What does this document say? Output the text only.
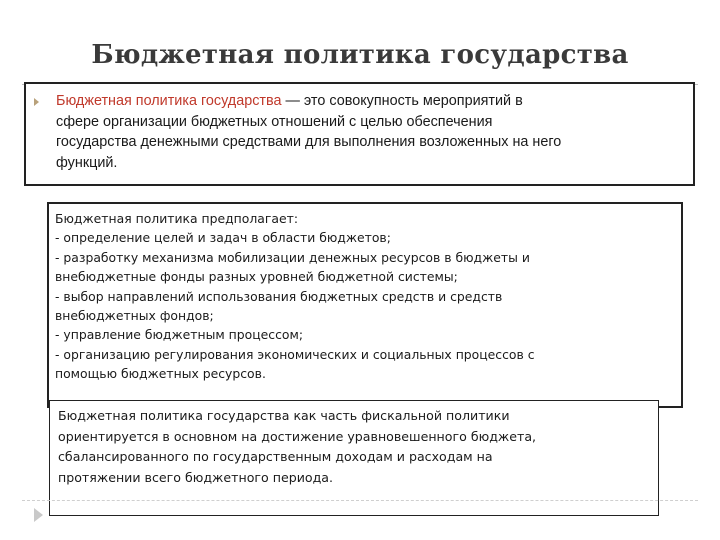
Бюджетная политика государства
Бюджетная политика государства — это совокупность мероприятий в
сфере организации бюджетных отношений с целью обеспечения
государства денежными средствами для выполнения возложенных на него
функций.
Бюджетная политика предполагает:
- определение целей и задач в области бюджетов;
- разработку механизма мобилизации денежных ресурсов в бюджеты и
внебюджетные фонды разных уровней бюджетной системы;
- выбор направлений использования бюджетных средств и средств
внебюджетных фондов;
- управление бюджетным процессом;
- организацию регулирования экономических и социальных процессов с
помощью бюджетных ресурсов.
Бюджетная политика государства как часть фискальной политики
ориентируется в основном на достижение уравновешенного бюджета,
сбалансированного по государственным доходам и расходам на
протяжении всего бюджетного периода.
